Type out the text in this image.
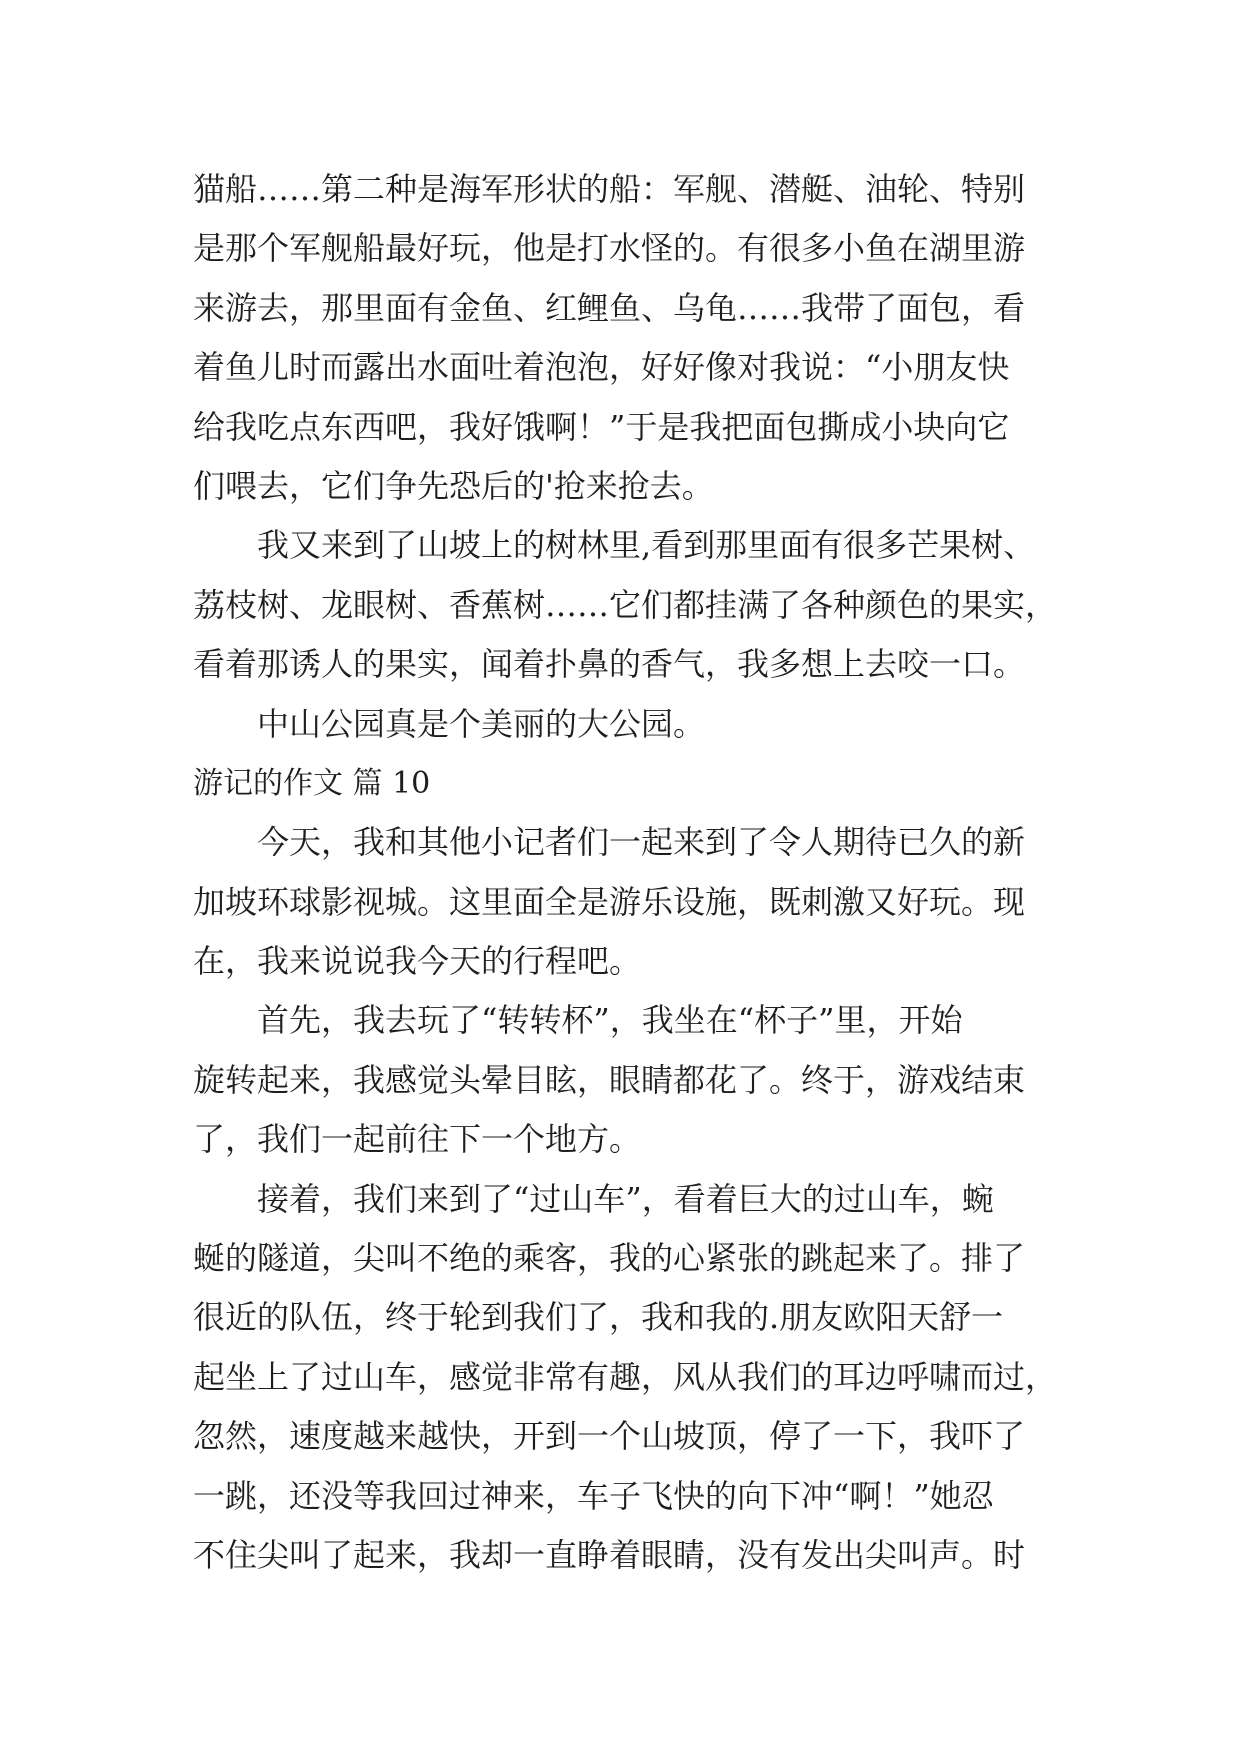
猫船……第二种是海军形状的船：军舰、潜艇、油轮、特别
是那个军舰船最好玩，他是打水怪的。有很多小鱼在湖里游
来游去，那里面有金鱼、红鲤鱼、乌龟……我带了面包，看
着鱼儿时而露出水面吐着泡泡，好好像对我说：“小朋友快
给我吃点东西吧，我好饿啊！”于是我把面包撕成小块向它
们喂去，它们争先恐后的'抢来抢去。
我又来到了山坡上的树林里,看到那里面有很多芒果树、
荔枝树、龙眼树、香蕉树……它们都挂满了各种颜色的果实，
看着那诱人的果实，闻着扑鼻的香气，我多想上去咬一口。
中山公园真是个美丽的大公园。
游记的作文 篇 10
今天，我和其他小记者们一起来到了令人期待已久的新
加坡环球影视城。这里面全是游乐设施，既刺激又好玩。现
在，我来说说我今天的行程吧。
首先，我去玩了“转转杯”，我坐在“杯子”里，开始
旋转起来，我感觉头晕目眩，眼睛都花了。终于，游戏结束
了，我们一起前往下一个地方。
接着，我们来到了“过山车”，看着巨大的过山车，蜿
蜒的隧道，尖叫不绝的乘客，我的心紧张的跳起来了。排了
很近的队伍，终于轮到我们了，我和我的.朋友欧阳天舒一
起坐上了过山车，感觉非常有趣，风从我们的耳边呼啸而过，
忽然，速度越来越快，开到一个山坡顶，停了一下，我吓了
一跳，还没等我回过神来，车子飞快的向下冲“啊！”她忍
不住尖叫了起来，我却一直睁着眼睛，没有发出尖叫声。时
